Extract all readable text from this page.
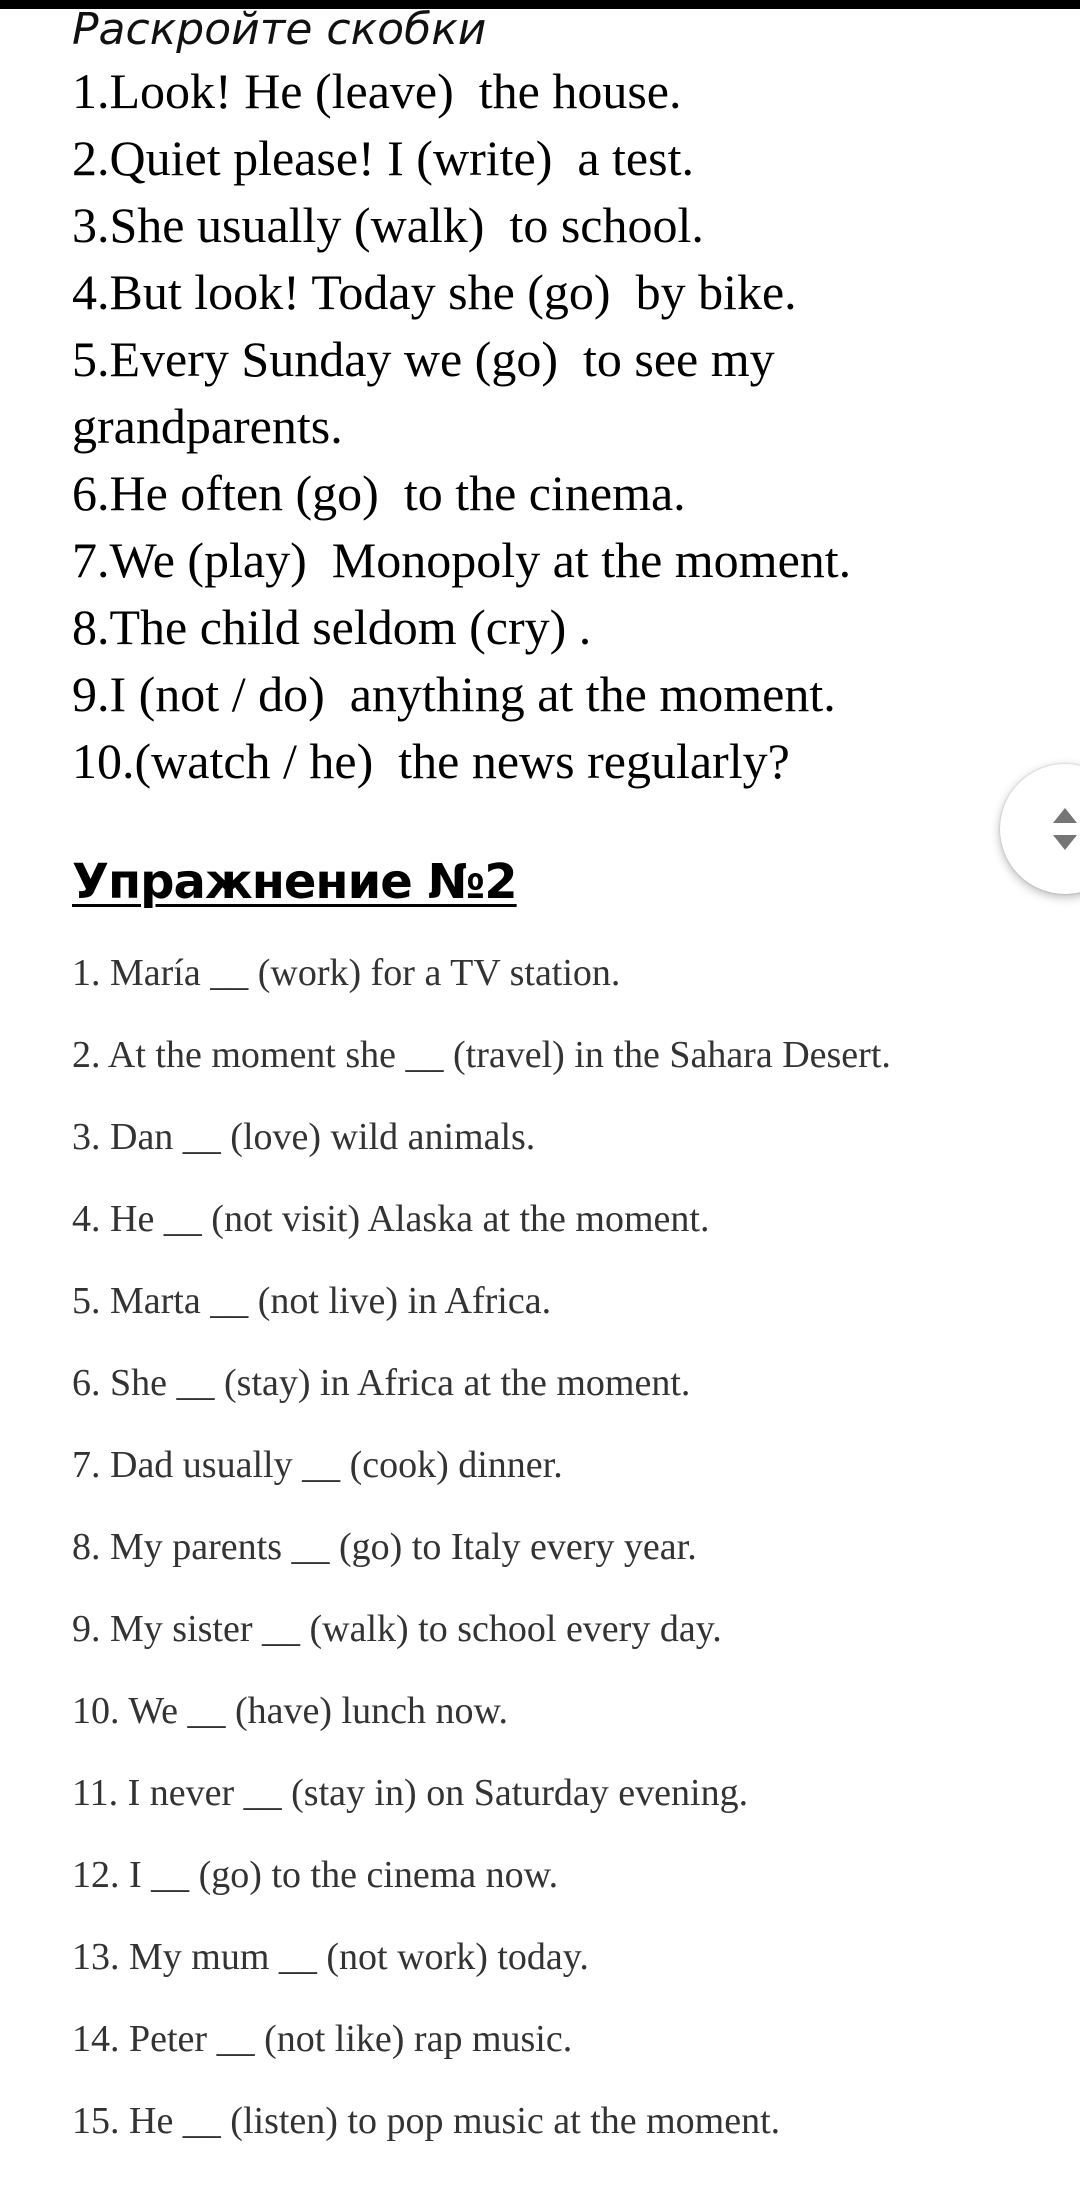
Раскройте скобки

1.Look! He (leave)  the house.
2.Quiet please! I (write)  a test.
3.She usually (walk)  to school.
4.But look! Today she (go)  by bike.
5.Every Sunday we (go)  to see my grandparents.
6.He often (go)  to the cinema.
7.We (play)  Monopoly at the moment.
8.The child seldom (cry) .
9.I (not / do)  anything at the moment.
10.(watch / he)  the news regularly?
Упражнение №2
1. María __ (work) for a TV station.
2. At the moment she __ (travel) in the Sahara Desert.
3. Dan __ (love) wild animals.
4. He __ (not visit) Alaska at the moment.
5. Marta __ (not live) in Africa.
6. She __ (stay) in Africa at the moment.
7. Dad usually __ (cook) dinner.
8. My parents __ (go) to Italy every year.
9. My sister __ (walk) to school every day.
10. We __ (have) lunch now.
11. I never __ (stay in) on Saturday evening.
12. I __ (go) to the cinema now.
13. My mum __ (not work) today.
14. Peter __ (not like) rap music.
15. He __ (listen) to pop music at the moment.
